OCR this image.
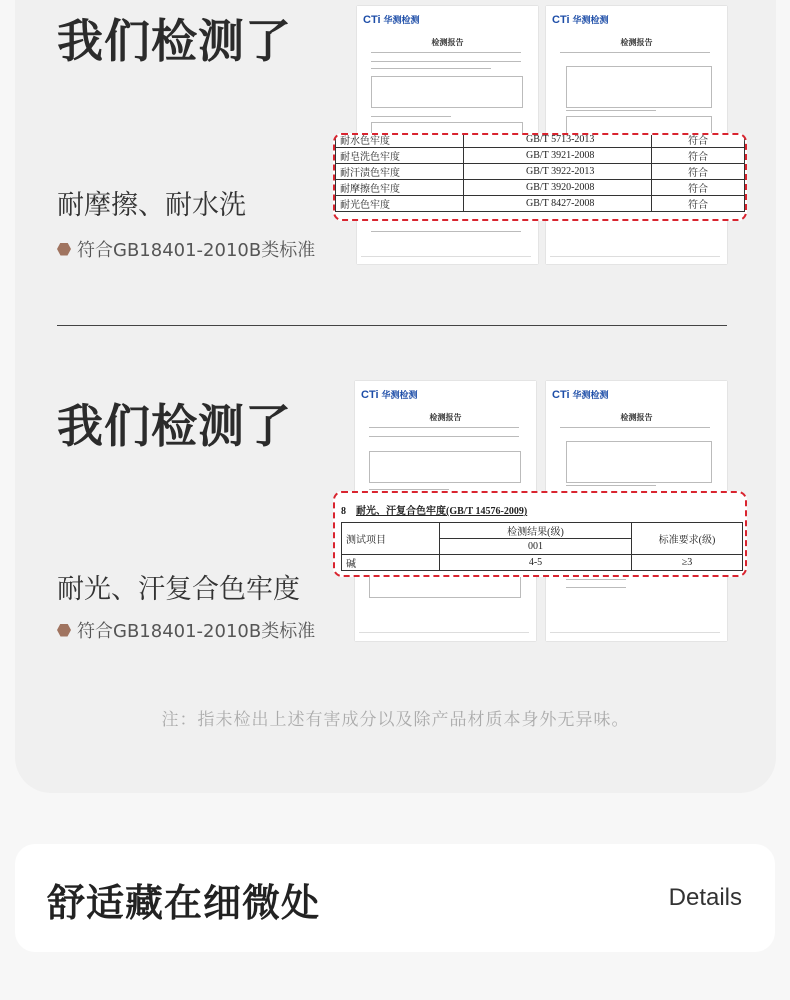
我们检测了
耐摩擦、耐水洗
符合GB18401-2010B类标准
CTi 华测检测
检测报告
CTi 华测检测
检测报告
耐水色牢度	GB/T 5713-2013	符合
耐皂洗色牢度	GB/T 3921-2008	符合
耐汗渍色牢度	GB/T 3922-2013	符合
耐摩擦色牢度	GB/T 3920-2008	符合
耐光色牢度	GB/T 8427-2008	符合
我们检测了
耐光、汗复合色牢度
符合GB18401-2010B类标准
CTi 华测检测
检测报告
CTi 华测检测
检测报告
8 耐光、汗复合色牢度(GB/T 14576-2009)
测试项目	检测结果(级)	标准要求(级)
	001	
碱	4-5	≥3
注：指未检出上述有害成分以及除产品材质本身外无异味。
舒适藏在细微处	Details
